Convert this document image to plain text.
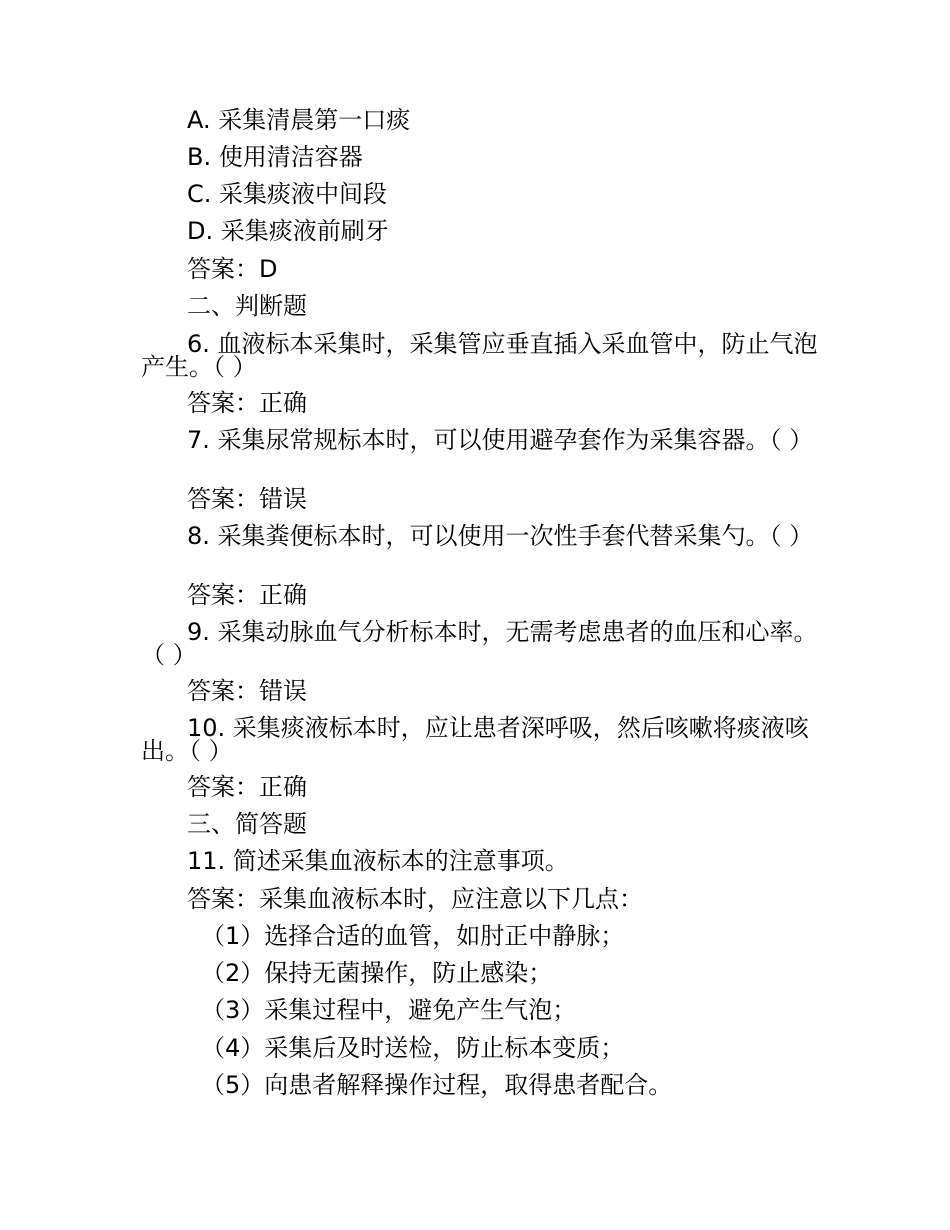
A. 采集清晨第一口痰
B. 使用清洁容器
C. 采集痰液中间段
D. 采集痰液前刷牙
答案：D
二、判断题
6. 血液标本采集时，采集管应垂直插入采血管中，防止气泡产生。（ ）
答案：正确
7. 采集尿常规标本时，可以使用避孕套作为采集容器。（ ）
答案：错误
8. 采集粪便标本时，可以使用一次性手套代替采集勺。（ ）
答案：正确
9. 采集动脉血气分析标本时，无需考虑患者的血压和心率。（ ）
答案：错误
10. 采集痰液标本时，应让患者深呼吸，然后咳嗽将痰液咳出。（ ）
答案：正确
三、简答题
11. 简述采集血液标本的注意事项。
答案：采集血液标本时，应注意以下几点：
（1）选择合适的血管，如肘正中静脉；
（2）保持无菌操作，防止感染；
（3）采集过程中，避免产生气泡；
（4）采集后及时送检，防止标本变质；
（5）向患者解释操作过程，取得患者配合。
